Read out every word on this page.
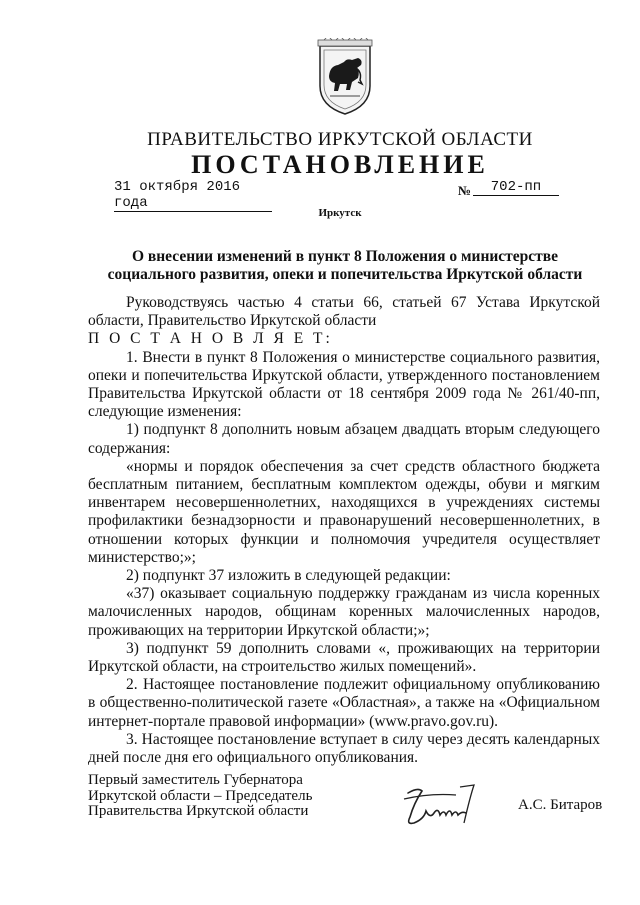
ПРАВИТЕЛЬСТВО ИРКУТСКОЙ ОБЛАСТИ
ПОСТАНОВЛЕНИЕ
31 октября 2016 года
№	702-пп
Иркутск
О внесении изменений в пункт 8 Положения о министерстве социального развития, опеки и попечительства Иркутской области

Руководствуясь частью 4 статьи 66, статьей 67 Устава Иркутской области, Правительство Иркутской области

П О С Т А Н О В Л Я Е Т:

1. Внести в пункт 8 Положения о министерстве социального развития, опеки и попечительства Иркутской области, утвержденного постановлением Правительства Иркутской области от 18 сентября 2009 года № 261/40-пп, следующие изменения:

1) подпункт 8 дополнить новым абзацем двадцать вторым следующего содержания:

«нормы и порядок обеспечения за счет средств областного бюджета бесплатным питанием, бесплатным комплектом одежды, обуви и мягким инвентарем несовершеннолетних, находящихся в учреждениях системы профилактики безнадзорности и правонарушений несовершеннолетних, в отношении которых функции и полномочия учредителя осуществляет министерство;»;

2) подпункт 37 изложить в следующей редакции:

«37) оказывает социальную поддержку гражданам из числа коренных малочисленных народов, общинам коренных малочисленных народов, проживающих на территории Иркутской области;»;

3) подпункт 59 дополнить словами «, проживающих на территории Иркутской области, на строительство жилых помещений».

2. Настоящее постановление подлежит официальному опубликованию в общественно-политической газете «Областная», а также на «Официальном интернет-портале правовой информации» (www.pravo.gov.ru).

3. Настоящее постановление вступает в силу через десять календарных дней после дня его официального опубликования.

Первый заместитель Губернатора
Иркутской области – Председатель
Правительства Иркутской области	А.С. Битаров
